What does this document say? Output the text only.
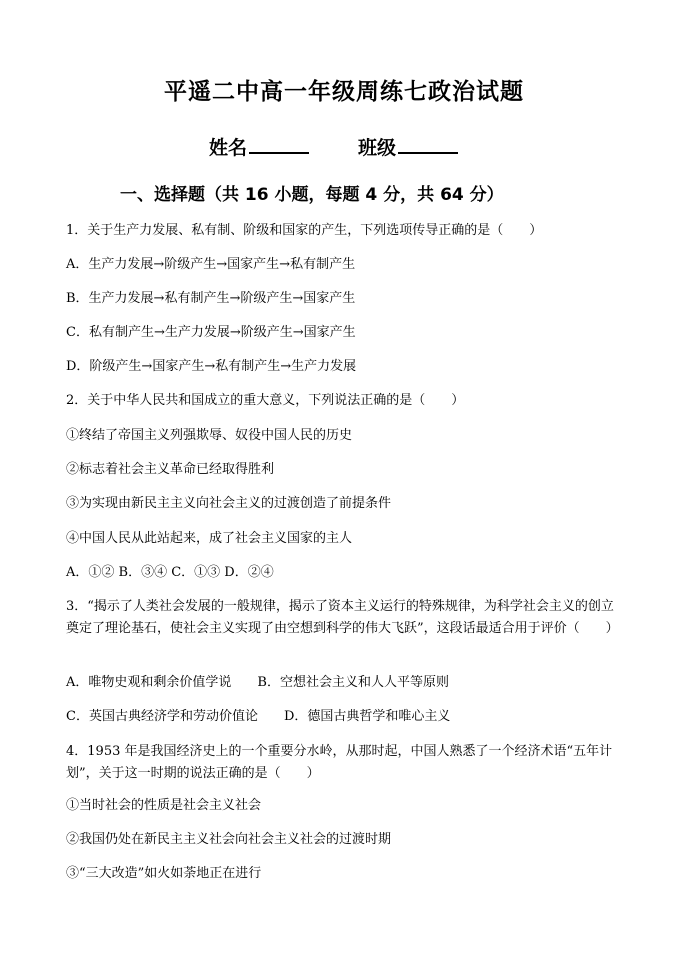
平遥二中高一年级周练七政治试题
姓名	班级
一、选择题（共 16 小题，每题 4 分，共 64 分）
1．关于生产力发展、私有制、阶级和国家的产生，下列选项传导正确的是（　　）
A．生产力发展→阶级产生→国家产生→私有制产生
B．生产力发展→私有制产生→阶级产生→国家产生
C．私有制产生→生产力发展→阶级产生→国家产生
D．阶级产生→国家产生→私有制产生→生产力发展
2．关于中华人民共和国成立的重大意义，下列说法正确的是（　　）
①终结了帝国主义列强欺辱、奴役中国人民的历史
②标志着社会主义革命已经取得胜利
③为实现由新民主主义向社会主义的过渡创造了前提条件
④中国人民从此站起来，成了社会主义国家的主人
A．①② B．③④ C．①③ D．②④
3．“揭示了人类社会发展的一般规律，揭示了资本主义运行的特殊规律，为科学社会主义的创立奠定了理论基石，使社会主义实现了由空想到科学的伟大飞跃”，这段话最适合用于评价（　　）
A．唯物史观和剩余价值学说　　B．空想社会主义和人人平等原则
C．英国古典经济学和劳动价值论　　D．德国古典哲学和唯心主义
4．1953 年是我国经济史上的一个重要分水岭，从那时起，中国人熟悉了一个经济术语“五年计划”，关于这一时期的说法正确的是（　　）
①当时社会的性质是社会主义社会
②我国仍处在新民主主义社会向社会主义社会的过渡时期
③“三大改造”如火如荼地正在进行
